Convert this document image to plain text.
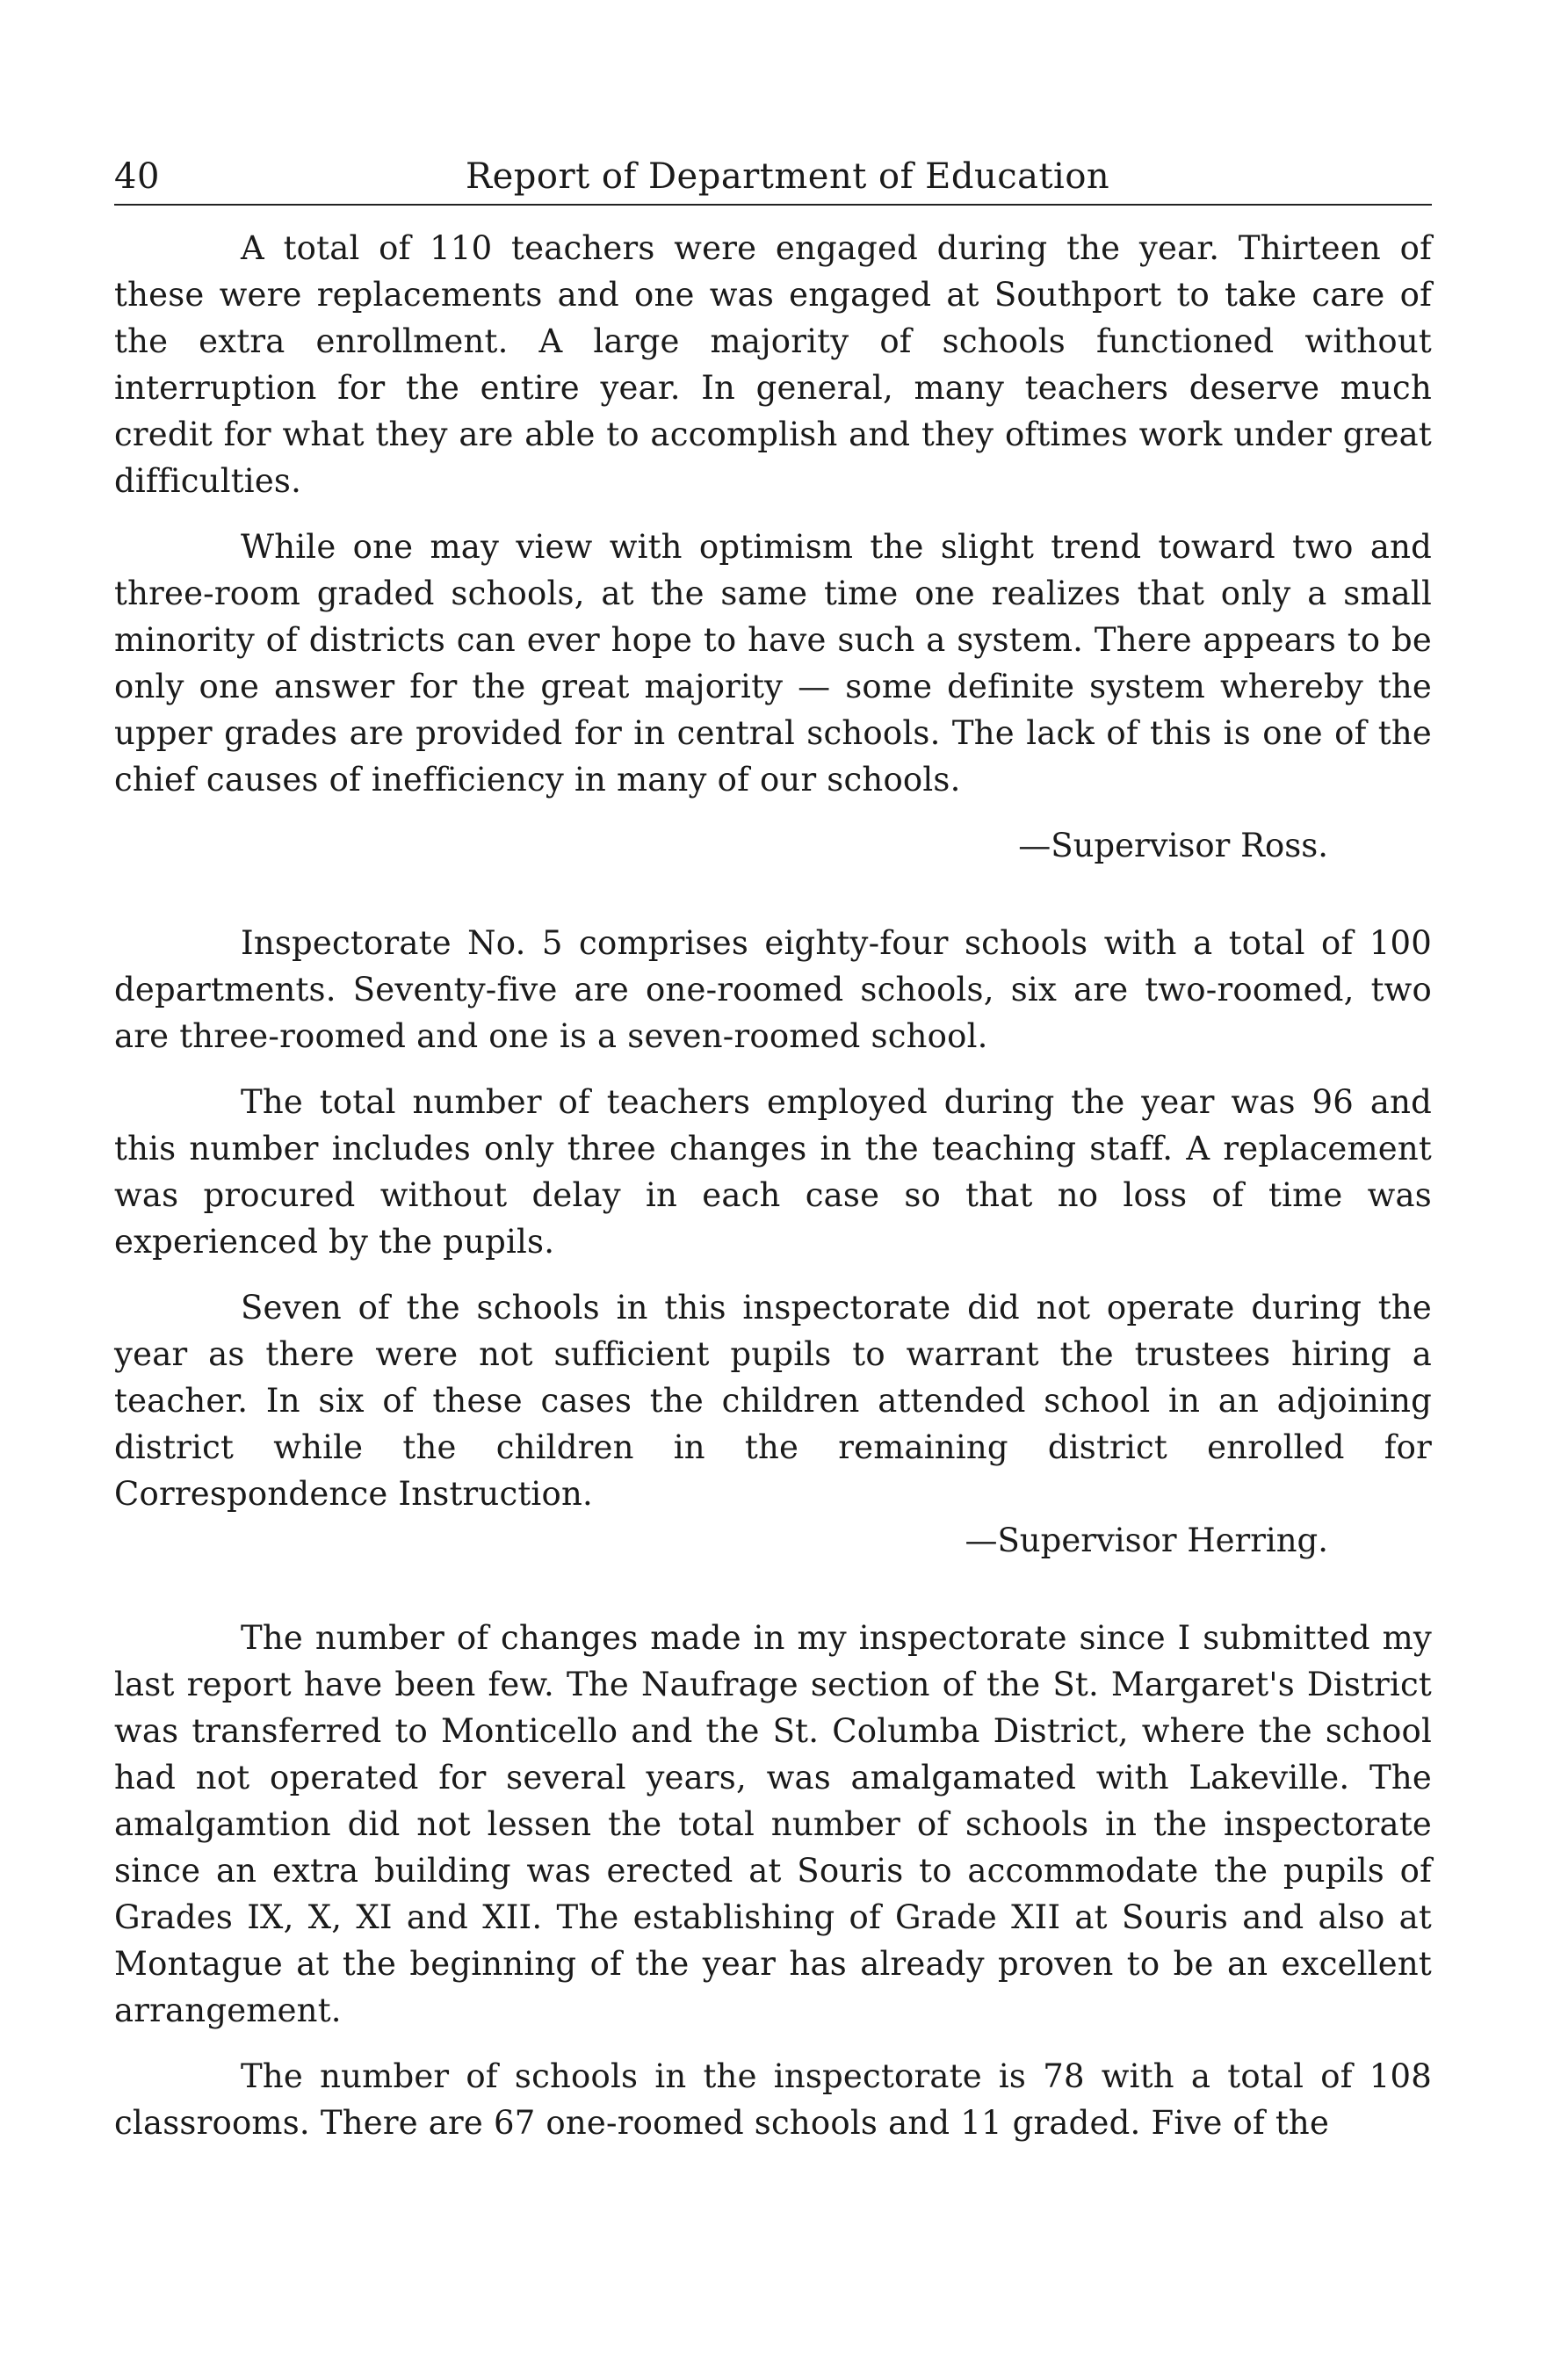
40	Report of Department of Education

A total of 110 teachers were engaged during the year. Thirteen of these were replacements and one was engaged at Southport to take care of the extra enrollment. A large majority of schools functioned without interruption for the entire year. In general, many teachers deserve much credit for what they are able to accomplish and they oftimes work under great difficulties.

While one may view with optimism the slight trend toward two and three-room graded schools, at the same time one realizes that only a small minority of districts can ever hope to have such a system. There appears to be only one answer for the great majority — some definite system whereby the upper grades are provided for in central schools. The lack of this is one of the chief causes of inefficiency in many of our schools.

—Supervisor Ross.

Inspectorate No. 5 comprises eighty-four schools with a total of 100 departments. Seventy-five are one-roomed schools, six are two-roomed, two are three-roomed and one is a seven-roomed school.

The total number of teachers employed during the year was 96 and this number includes only three changes in the teaching staff. A replacement was procured without delay in each case so that no loss of time was experienced by the pupils.

Seven of the schools in this inspectorate did not operate during the year as there were not sufficient pupils to warrant the trustees hiring a teacher. In six of these cases the children attended school in an adjoining district while the children in the remaining district enrolled for Correspondence Instruction.

—Supervisor Herring.

The number of changes made in my inspectorate since I submitted my last report have been few. The Naufrage section of the St. Margaret's District was transferred to Monticello and the St. Columba District, where the school had not operated for several years, was amalgamated with Lakeville. The amalgamtion did not lessen the total number of schools in the inspectorate since an extra building was erected at Souris to accommodate the pupils of Grades IX, X, XI and XII. The establishing of Grade XII at Souris and also at Montague at the beginning of the year has already proven to be an excellent arrangement.

The number of schools in the inspectorate is 78 with a total of 108 classrooms. There are 67 one-roomed schools and 11 graded. Five of the
